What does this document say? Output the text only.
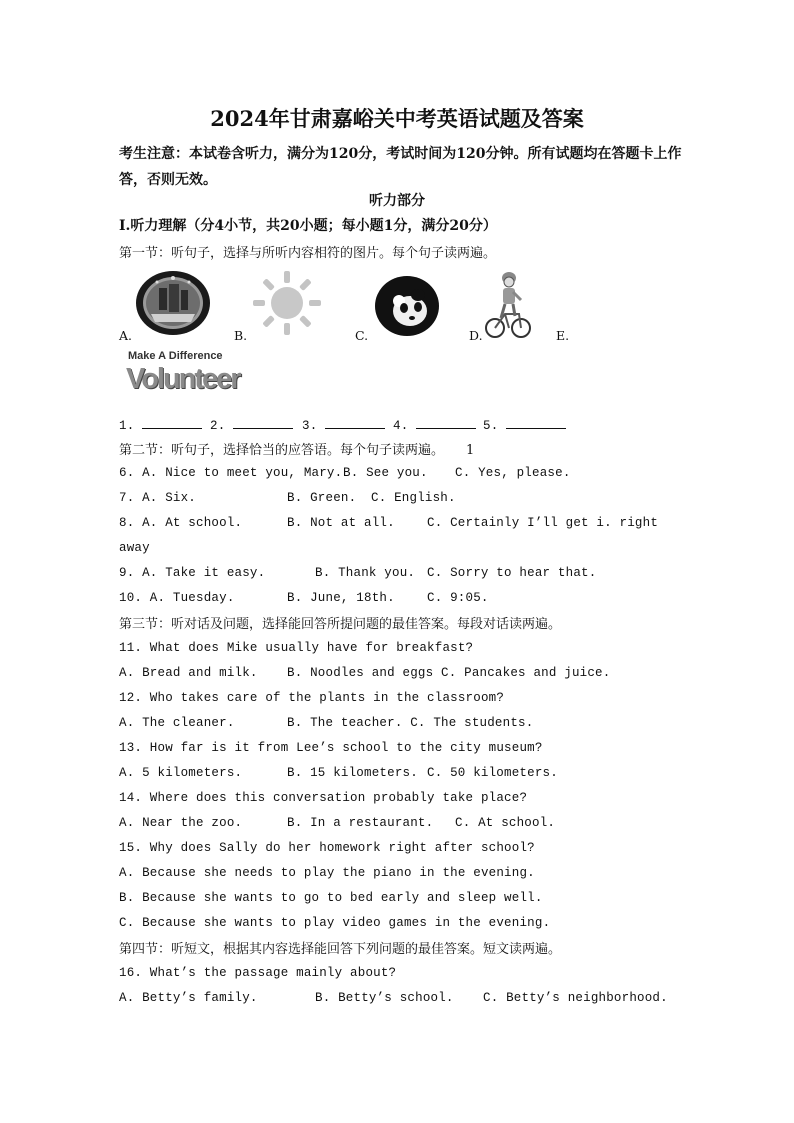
2024年甘肃嘉峪关中考英语试题及答案
考生注意：本试卷含听力，满分为120分，考试时间为120分钟。所有试题均在答题卡上作
答，否则无效。
听力部分
Ⅰ.听力理解（分4小节，共20小题；每小题1分，满分20分）
第一节：听句子，选择与所听内容相符的图片。每个句子读两遍。
A.	B.	C.	D.	E.
Make A Difference
Volunteer
1.	2.	3.	4.	5.
第二节：听句子，选择恰当的应答语。每个句子读两遍。 1
6. A. Nice to meet you, Mary. B. See you. C. Yes, please.
7. A. Six.	B. Green. C. English.
8. A. At school.	B. Not at all.	C. Certainly I’ll get i. right
away
9. A. Take it easy.	B. Thank you. C. Sorry to hear that.
10. A. Tuesday.	B. June, 18th.	C. 9:05.
第三节：听对话及问题，选择能回答所提问题的最佳答案。每段对话读两遍。
11. What does Mike usually have for breakfast?
A. Bread and milk. B. Noodles and eggs C. Pancakes and juice.
12. Who takes care of the plants in the classroom?
A. The cleaner.	B. The teacher. C. The students.
13. How far is it from Lee’s school to the city museum?
A. 5 kilometers.	B. 15 kilometers. C. 50 kilometers.
14. Where does this conversation probably take place?
A. Near the zoo.	B. In a restaurant. C. At school.
15. Why does Sally do her homework right after school?
A. Because she needs to play the piano in the evening.
B. Because she wants to go to bed early and sleep well.
C. Because she wants to play video games in the evening.
第四节：听短文，根据其内容选择能回答下列问题的最佳答案。短文读两遍。
16. What’s the passage mainly about?
A. Betty’s family.	B. Betty’s school. C. Betty’s neighborhood.
